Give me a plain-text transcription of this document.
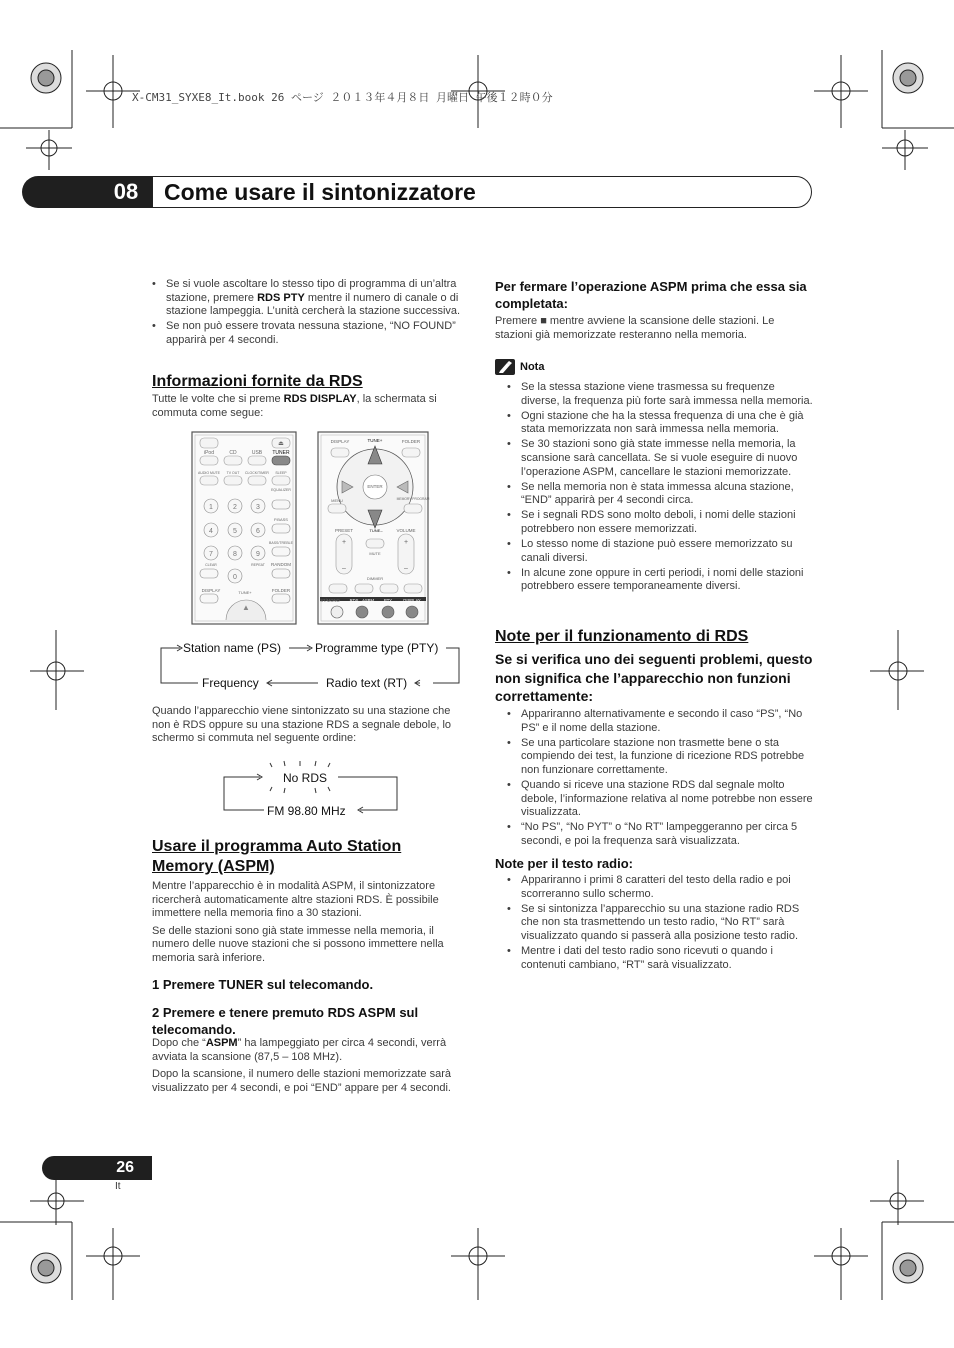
X-CM31_SYXE8_It.book 26 ページ ２０１３年４月８日 月曜日 午後１２時０分
08	Come usare il sintonizzatore
• Se si vuole ascoltare lo stesso tipo di programma di un’altra stazione, premere RDS PTY mentre il numero di canale o di stazione lampeggia. L’unità cercherà la stazione successiva.
• Se non può essere trovata nessuna stazione, “NO FOUND” apparirà per 4 secondi.
Informazioni fornite da RDS
Tutte le volte che si preme RDS DISPLAY, la schermata si commuta come segue:
⏏
iPod	CD	USB TUNER
AUDIO MUTE TV OUT CLOCK/TIMER SLEEP
EQUALIZER
1	2	3
4	5	6
7	8	9
0
P.BASS
BASS/TREBLE
CLEAR	REPEAT RANDOM
DISPLAY	TUNE+	FOLDER
▲
DISPLAY	TUNE+	FOLDER
ENTER
MENU	MEMORY PROGRAM
TUNE–
PRESET	VOLUME
+
–
+
–
MUTE
DIMMER
ST/MONO RDS ASPM PTY	DISPLAY
Station name (PS)	Programme type (PTY)
Frequency	Radio text (RT)
Quando l’apparecchio viene sintonizzato su una stazione che non è RDS oppure su una stazione RDS a segnale debole, lo schermo si commuta nel seguente ordine:
No RDS
FM 98.80 MHz
Usare il programma Auto Station
Memory (ASPM)
Mentre l’apparecchio è in modalità ASPM, il sintonizzatore ricercherà automaticamente altre stazioni RDS. È possibile immettere nella memoria fino a 30 stazioni.
Se delle stazioni sono già state immesse nella memoria, il numero delle nuove stazioni che si possono immettere nella memoria sarà inferiore.
1 Premere TUNER sul telecomando.
2 Premere e tenere premuto RDS ASPM sul telecomando.
Dopo che “ASPM” ha lampeggiato per circa 4 secondi, verrà avviata la scansione (87,5 – 108 MHz).
Dopo la scansione, il numero delle stazioni memorizzate sarà visualizzato per 4 secondi, e poi “END” appare per 4 secondi.
Per fermare l’operazione ASPM prima che essa sia completata:
Premere ■ mentre avviene la scansione delle stazioni. Le stazioni già memorizzate resteranno nella memoria.
Nota
• Se la stessa stazione viene trasmessa su frequenze diverse, la frequenza più forte sarà immessa nella memoria.
• Ogni stazione che ha la stessa frequenza di una che è già stata memorizzata non sarà immessa nella memoria.
• Se 30 stazioni sono già state immesse nella memoria, la scansione sarà cancellata. Se si vuole eseguire di nuovo l’operazione ASPM, cancellare le stazioni memorizzate.
• Se nella memoria non è stata immessa alcuna stazione, “END” apparirà per 4 secondi circa.
• Se i segnali RDS sono molto deboli, i nomi delle stazioni potrebbero non essere memorizzati.
• Lo stesso nome di stazione può essere memorizzato su canali diversi.
• In alcune zone oppure in certi periodi, i nomi delle stazioni potrebbero essere temporaneamente diversi.
Note per il funzionamento di RDS
Se si verifica uno dei seguenti problemi, questo non significa che l’apparecchio non funzioni correttamente:
• Appariranno alternativamente e secondo il caso “PS”, “No PS” e il nome della stazione.
• Se una particolare stazione non trasmette bene o sta compiendo dei test, la funzione di ricezione RDS potrebbe non funzionare correttamente.
• Quando si riceve una stazione RDS dal segnale molto debole, l’informazione relativa al nome potrebbe non essere visualizzata.
• “No PS”, “No PYT” o “No RT” lampeggeranno per circa 5 secondi, e poi la frequenza sarà visualizzata.
Note per il testo radio:
• Appariranno i primi 8 caratteri del testo della radio e poi scorreranno sullo schermo.
• Se si sintonizza l’apparecchio su una stazione radio RDS che non sta trasmettendo un testo radio, “No RT” sarà visualizzato quando si passerà alla posizione testo radio.
• Mentre i dati del testo radio sono ricevuti o quando i contenuti cambiano, “RT” sarà visualizzato.
26
It
